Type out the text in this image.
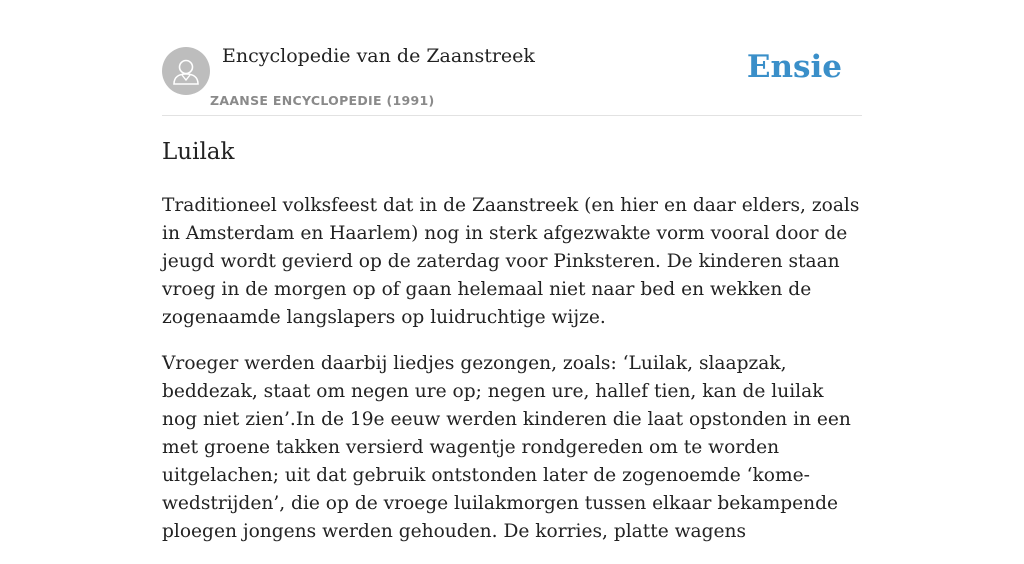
Encyclopedie van de Zaanstreek
ZAANSE ENCYCLOPEDIE (1991)
Ensie
Luilak

Traditioneel volksfeest dat in de Zaanstreek (en hier en daar elders, zoals in Amsterdam en Haarlem) nog in sterk afgezwakte vorm vooral door de jeugd wordt gevierd op de zaterdag voor Pinksteren. De kinderen staan vroeg in de morgen op of gaan helemaal niet naar bed en wekken de zogenaamde langslapers op luidruchtige wijze.

Vroeger werden daarbij liedjes gezongen, zoals: ‘Luilak, slaapzak, beddezak, staat om negen ure op; negen ure, hallef tien, kan de luilak nog niet zien’.In de 19e eeuw werden kinderen die laat opstonden in een met groene takken versierd wagentje rondgereden om te worden uitgelachen; uit dat gebruik ontstonden later de zogenoemde ‘kome-wedstrijden’, die op de vroege luilakmorgen tussen elkaar bekampende ploegen jongens werden gehouden. De korries, platte wagens
